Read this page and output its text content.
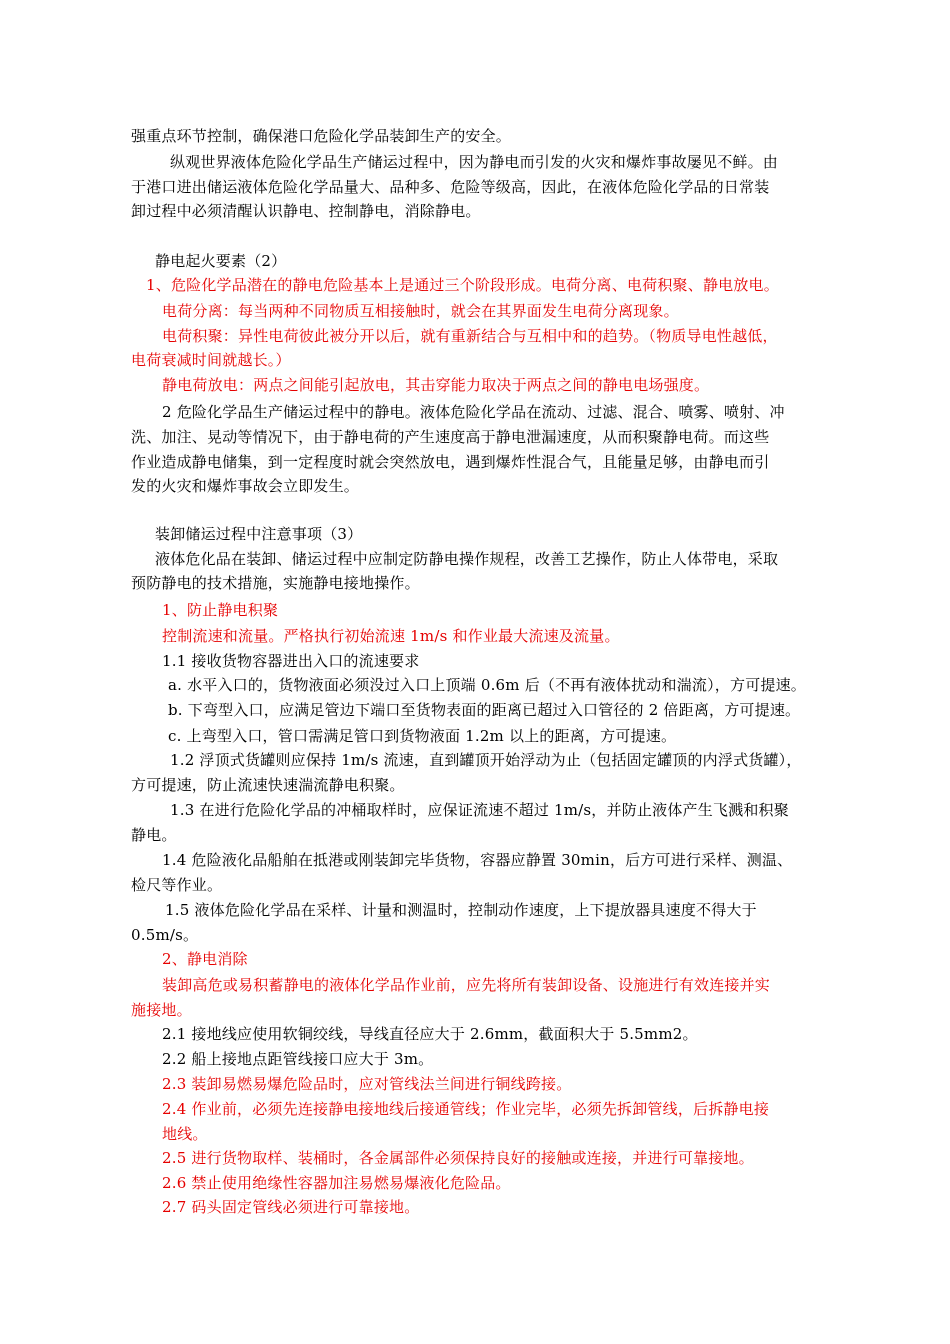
强重点环节控制，确保港口危险化学品装卸生产的安全。
纵观世界液体危险化学品生产储运过程中，因为静电而引发的火灾和爆炸事故屡见不鲜。由
于港口进出储运液体危险化学品量大、品种多、危险等级高，因此，在液体危险化学品的日常装
卸过程中必须清醒认识静电、控制静电，消除静电。
静电起火要素（2）
1、危险化学品潜在的静电危险基本上是通过三个阶段形成。电荷分离、电荷积聚、静电放电。
电荷分离：每当两种不同物质互相接触时，就会在其界面发生电荷分离现象。
电荷积聚：异性电荷彼此被分开以后，就有重新结合与互相中和的趋势。（物质导电性越低，
电荷衰减时间就越长。）
静电荷放电：两点之间能引起放电，其击穿能力取决于两点之间的静电电场强度。
2 危险化学品生产储运过程中的静电。液体危险化学品在流动、过滤、混合、喷雾、喷射、冲
洗、加注、晃动等情况下，由于静电荷的产生速度高于静电泄漏速度，从而积聚静电荷。而这些
作业造成静电储集，到一定程度时就会突然放电，遇到爆炸性混合气，且能量足够，由静电而引
发的火灾和爆炸事故会立即发生。
装卸储运过程中注意事项（3）
液体危化品在装卸、储运过程中应制定防静电操作规程，改善工艺操作，防止人体带电，采取
预防静电的技术措施，实施静电接地操作。
1、防止静电积聚
控制流速和流量。严格执行初始流速 1m/s 和作业最大流速及流量。
1.1 接收货物容器进出入口的流速要求
a. 水平入口的，货物液面必须没过入口上顶端 0.6m 后（不再有液体扰动和湍流），方可提速。
b. 下弯型入口，应满足管边下端口至货物表面的距离已超过入口管径的 2 倍距离，方可提速。
c. 上弯型入口，管口需满足管口到货物液面 1.2m 以上的距离，方可提速。
1.2 浮顶式货罐则应保持 1m/s 流速，直到罐顶开始浮动为止（包括固定罐顶的内浮式货罐），
方可提速，防止流速快速湍流静电积聚。
1.3 在进行危险化学品的冲桶取样时，应保证流速不超过 1m/s，并防止液体产生飞溅和积聚
静电。
1.4 危险液化品船舶在抵港或刚装卸完毕货物，容器应静置 30min，后方可进行采样、测温、
检尺等作业。
1.5 液体危险化学品在采样、计量和测温时，控制动作速度，上下提放器具速度不得大于
0.5m/s。
2、静电消除
装卸高危或易积蓄静电的液体化学品作业前，应先将所有装卸设备、设施进行有效连接并实
施接地。
2.1 接地线应使用软铜绞线，导线直径应大于 2.6mm，截面积大于 5.5mm2。
2.2 船上接地点距管线接口应大于 3m。
2.3 装卸易燃易爆危险品时，应对管线法兰间进行铜线跨接。
2.4 作业前，必须先连接静电接地线后接通管线；作业完毕，必须先拆卸管线，后拆静电接
地线。
2.5 进行货物取样、装桶时，各金属部件必须保持良好的接触或连接，并进行可靠接地。
2.6 禁止使用绝缘性容器加注易燃易爆液化危险品。
2.7 码头固定管线必须进行可靠接地。
